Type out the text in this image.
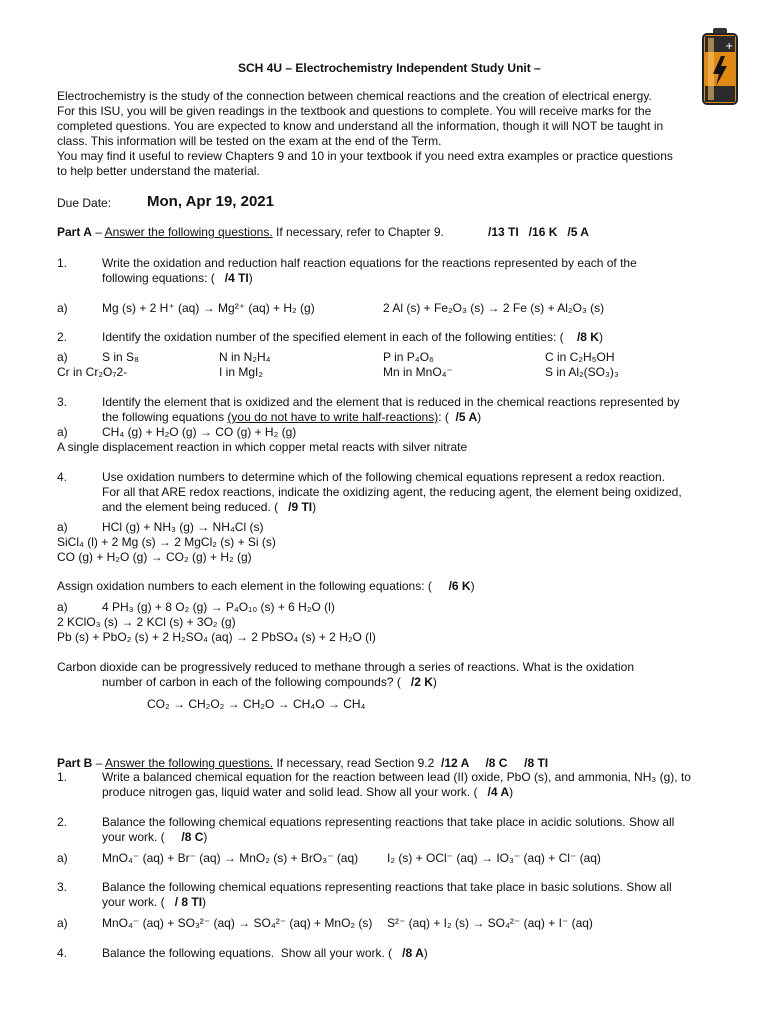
+
SCH 4U – Electrochemistry Independent Study Unit –
Electrochemistry is the study of the connection between chemical reactions and the creation of electrical energy.
For this ISU, you will be given readings in the textbook and questions to complete. You will receive marks for the
completed questions. You are expected to know and understand all the information, though it will NOT be taught in
class. This information will be tested on the exam at the end of the Term.
You may find it useful to review Chapters 9 and 10 in your textbook if you need extra examples or practice questions
to help better understand the material.
Due Date: Mon, Apr 19, 2021
Part A – Answer the following questions. If necessary, refer to Chapter 9.	/13 TI   /16 K   /5 A
1.	Write the oxidation and reduction half reaction equations for the reactions represented by each of the
following equations: (   /4 TI)
a)	Mg (s) + 2 H⁺ (aq) → Mg²⁺ (aq) + H₂ (g)	2 Al (s) + Fe₂O₃ (s) → 2 Fe (s) + Al₂O₃ (s)
2.	Identify the oxidation number of the specified element in each of the following entities: (    /8 K)
a)	S in S₈	N in N₂H₄	P in P₄O₆	C in C₂H₅OH
Cr in Cr₂O₇2-	I in MgI₂	Mn in MnO₄⁻	S in Al₂(SO₃)₃
3.	Identify the element that is oxidized and the element that is reduced in the chemical reactions represented by
the following equations (you do not have to write half-reactions): (  /5 A)
a)	CH₄ (g) + H₂O (g) → CO (g) + H₂ (g)
A single displacement reaction in which copper metal reacts with silver nitrate
4.	Use oxidation numbers to determine which of the following chemical equations represent a redox reaction.
For all that ARE redox reactions, indicate the oxidizing agent, the reducing agent, the element being oxidized,
and the element being reduced. (   /9 TI)
a)	HCl (g) + NH₃ (g) → NH₄Cl (s)
SiCl₄ (l) + 2 Mg (s) → 2 MgCl₂ (s) + Si (s)
CO (g) + H₂O (g) → CO₂ (g) + H₂ (g)
Assign oxidation numbers to each element in the following equations: (     /6 K)
a)	4 PH₃ (g) + 8 O₂ (g) → P₄O₁₀ (s) + 6 H₂O (l)
2 KClO₃ (s) → 2 KCl (s) + 3O₂ (g)
Pb (s) + PbO₂ (s) + 2 H₂SO₄ (aq) → 2 PbSO₄ (s) + 2 H₂O (l)
Carbon dioxide can be progressively reduced to methane through a series of reactions. What is the oxidation
number of carbon in each of the following compounds? (   /2 K)
CO₂ → CH₂O₂ → CH₂O → CH₄O → CH₄

Part B – Answer the following questions. If necessary, read Section 9.2  /12 A     /8 C     /8 TI

1.	Write a balanced chemical equation for the reaction between lead (II) oxide, PbO (s), and ammonia, NH₃ (g), to
produce nitrogen gas, liquid water and solid lead. Show all your work. (   /4 A)
2.	Balance the following chemical equations representing reactions that take place in acidic solutions. Show all
your work. (     /8 C)
a)	MnO₄⁻ (aq) + Br⁻ (aq) → MnO₂ (s) + BrO₃⁻ (aq) I₂ (s) + OCl⁻ (aq) → IO₃⁻ (aq) + Cl⁻ (aq)
3.	Balance the following chemical equations representing reactions that take place in basic solutions. Show all
your work. (   / 8 TI)
a)	MnO₄⁻ (aq) + SO₃²⁻ (aq) → SO₄²⁻ (aq) + MnO₂ (s) S²⁻ (aq) + I₂ (s) → SO₄²⁻ (aq) + I⁻ (aq)
4.	Balance the following equations.  Show all your work. (   /8 A)
